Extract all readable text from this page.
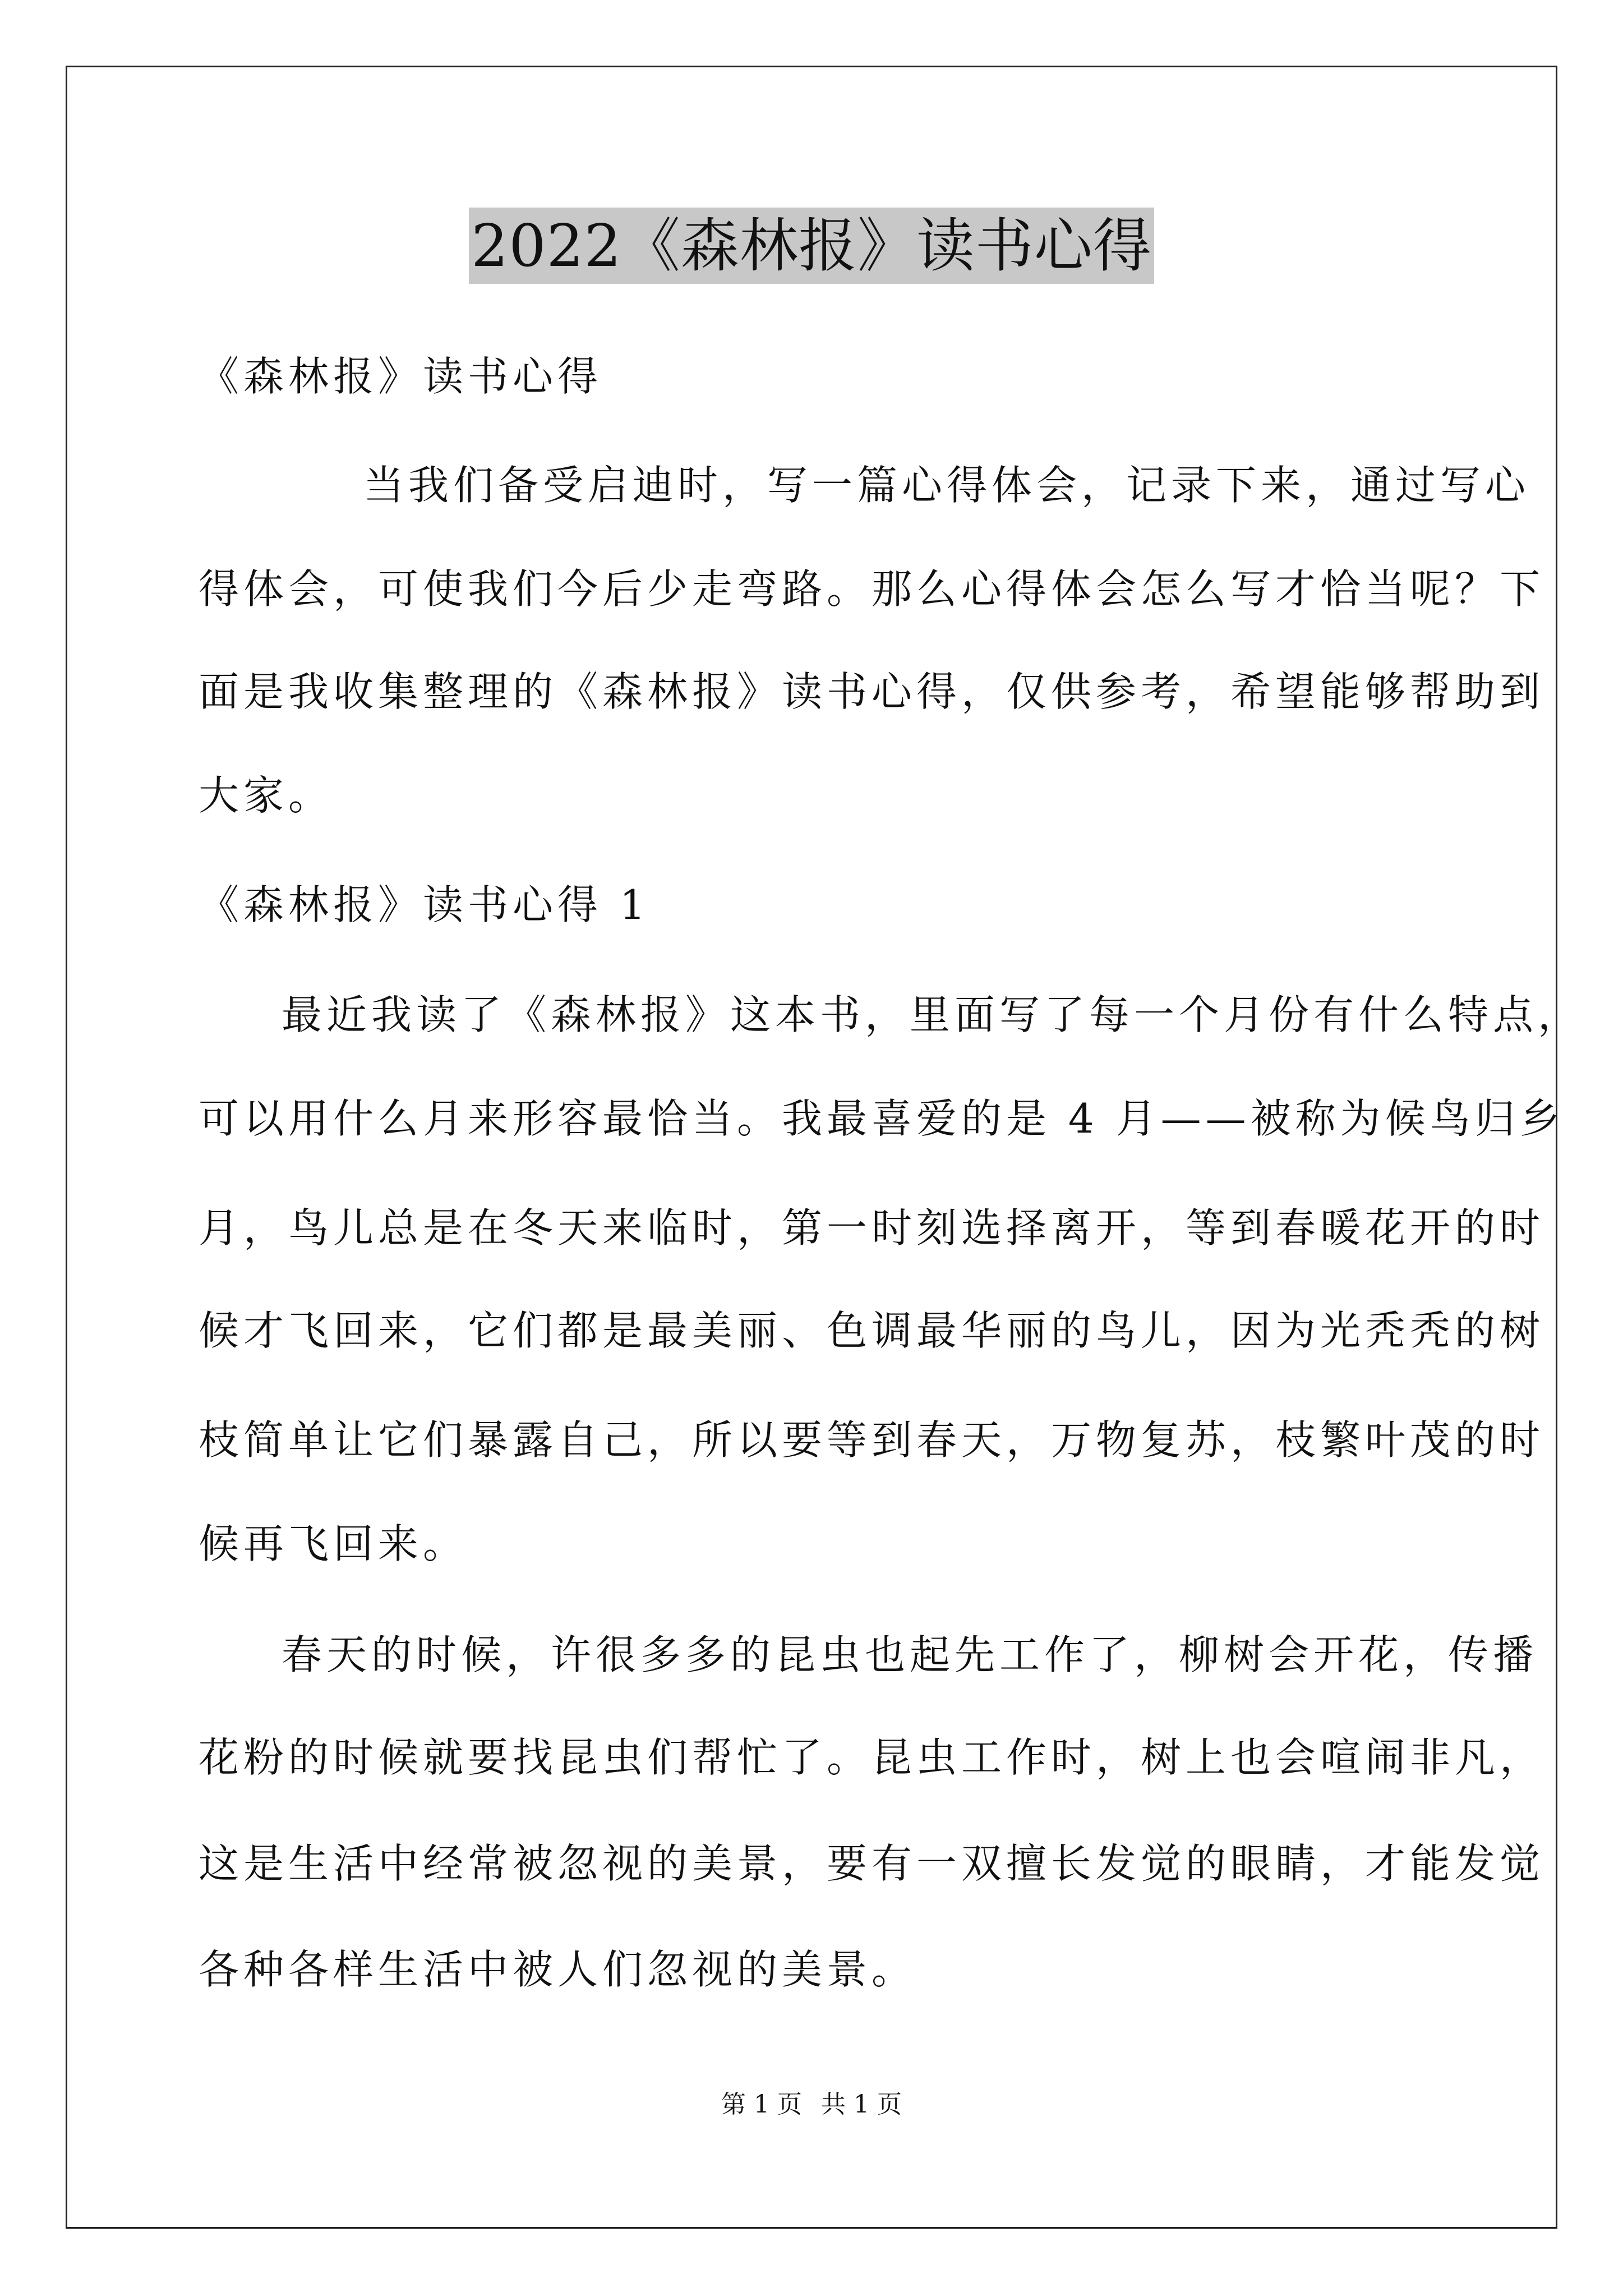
2022《森林报》读书心得
《森林报》读书心得
当我们备受启迪时，写一篇心得体会，记录下来，通过写心
得体会，可使我们今后少走弯路。那么心得体会怎么写才恰当呢？下
面是我收集整理的《森林报》读书心得，仅供参考，希望能够帮助到
大家。
《森林报》读书心得 1
最近我读了《森林报》这本书，里面写了每一个月份有什么特点，
可以用什么月来形容最恰当。我最喜爱的是 4 月——被称为候鸟归乡
月，鸟儿总是在冬天来临时，第一时刻选择离开，等到春暖花开的时
候才飞回来，它们都是最美丽、色调最华丽的鸟儿，因为光秃秃的树
枝简单让它们暴露自己，所以要等到春天，万物复苏，枝繁叶茂的时
候再飞回来。
春天的时候，许很多多的昆虫也起先工作了，柳树会开花，传播
花粉的时候就要找昆虫们帮忙了。昆虫工作时，树上也会喧闹非凡，
这是生活中经常被忽视的美景，要有一双擅长发觉的眼睛，才能发觉
各种各样生活中被人们忽视的美景。
第 1 页 共 1 页
